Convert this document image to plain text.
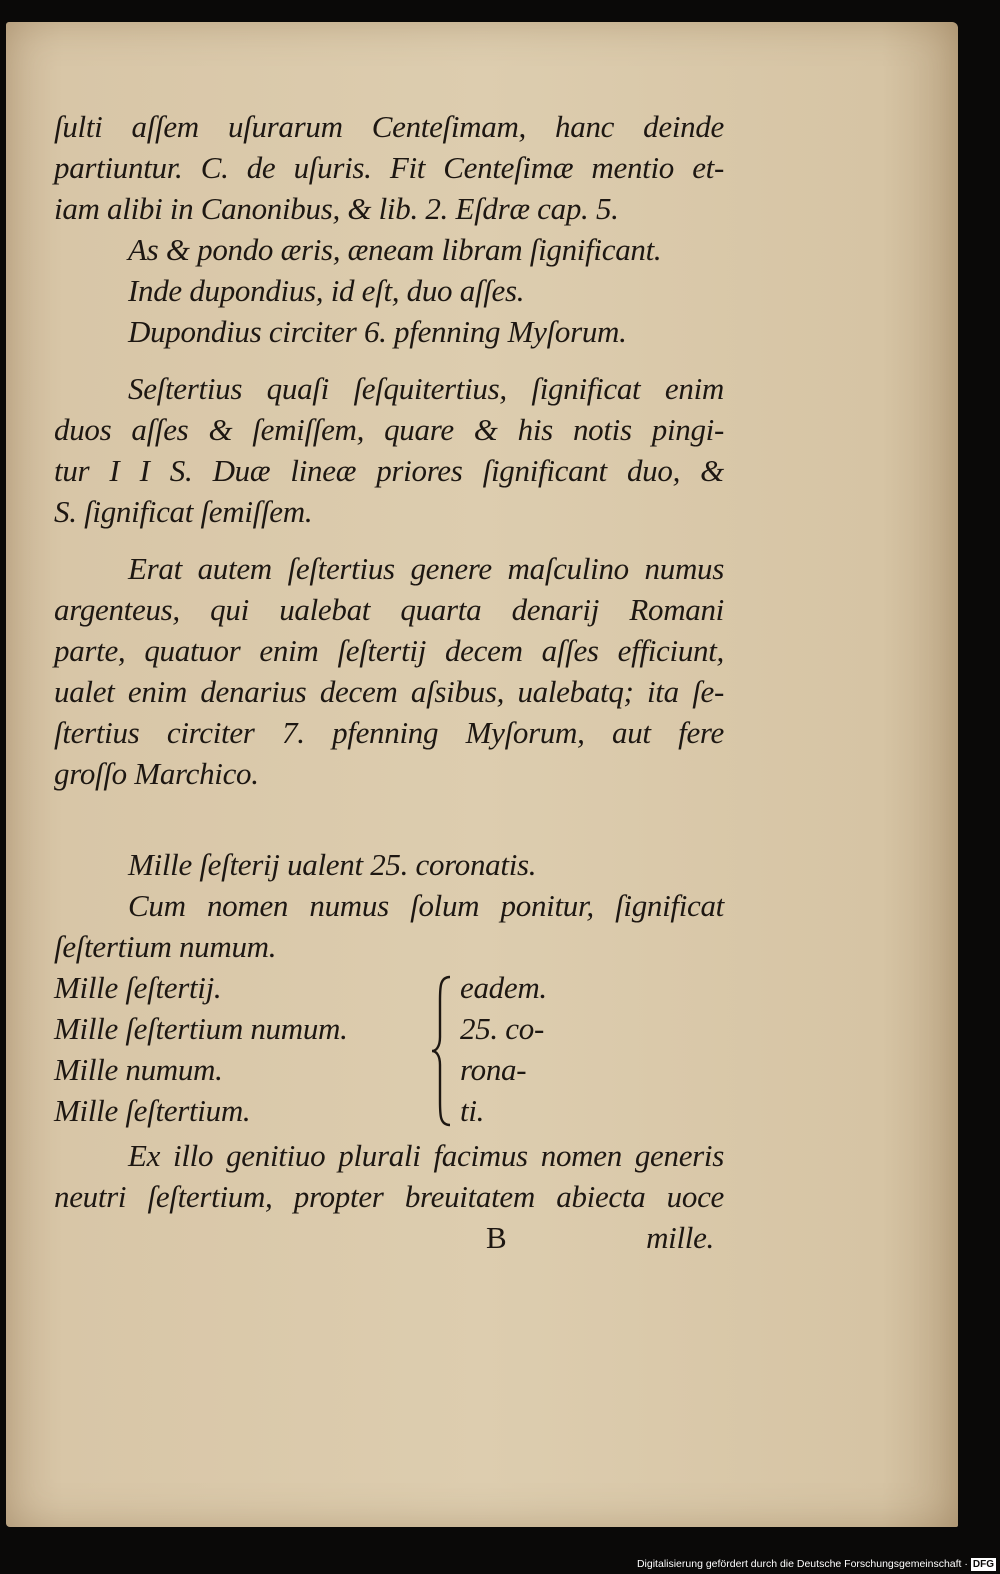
ſulti aſſem uſurarum Centeſimam, hanc deinde
partiuntur. C. de uſuris. Fit Centeſimæ mentio et-
iam alibi in Canonibus, & lib. 2. Eſdræ cap. 5.
As & pondo æris, æneam libram ſignificant.
Inde dupondius, id eſt, duo aſſes.
Dupondius circiter 6. pfenning Myſorum.
Seſtertius quaſi ſeſquitertius, ſignificat enim
duos aſſes & ſemiſſem, quare & his notis pingi-
tur I I S. Duæ lineæ priores ſignificant duo, &
S. ſignificat ſemiſſem.
Erat autem ſeſtertius genere maſculino numus
argenteus, qui ualebat quarta denarij Romani
parte, quatuor enim ſeſtertij decem aſſes efficiunt,
ualet enim denarius decem aſsibus, ualebatq; ita ſe-
ſtertius circiter 7. pfenning Myſorum, aut fere
groſſo Marchico.
Mille ſeſterij ualent 25. coronatis.
Cum nomen numus ſolum ponitur, ſignificat
ſeſtertium numum.
Mille ſeſtertij.
Mille ſeſtertium numum.
Mille numum.
Mille ſeſtertium.
eadem.
25. co-
rona-
ti.
Ex illo genitiuo plurali facimus nomen generis
neutri ſeſtertium, propter breuitatem abiecta uoce
B	mille.
Digitalisierung gefördert durch die Deutsche Forschungsgemeinschaft · DFG
